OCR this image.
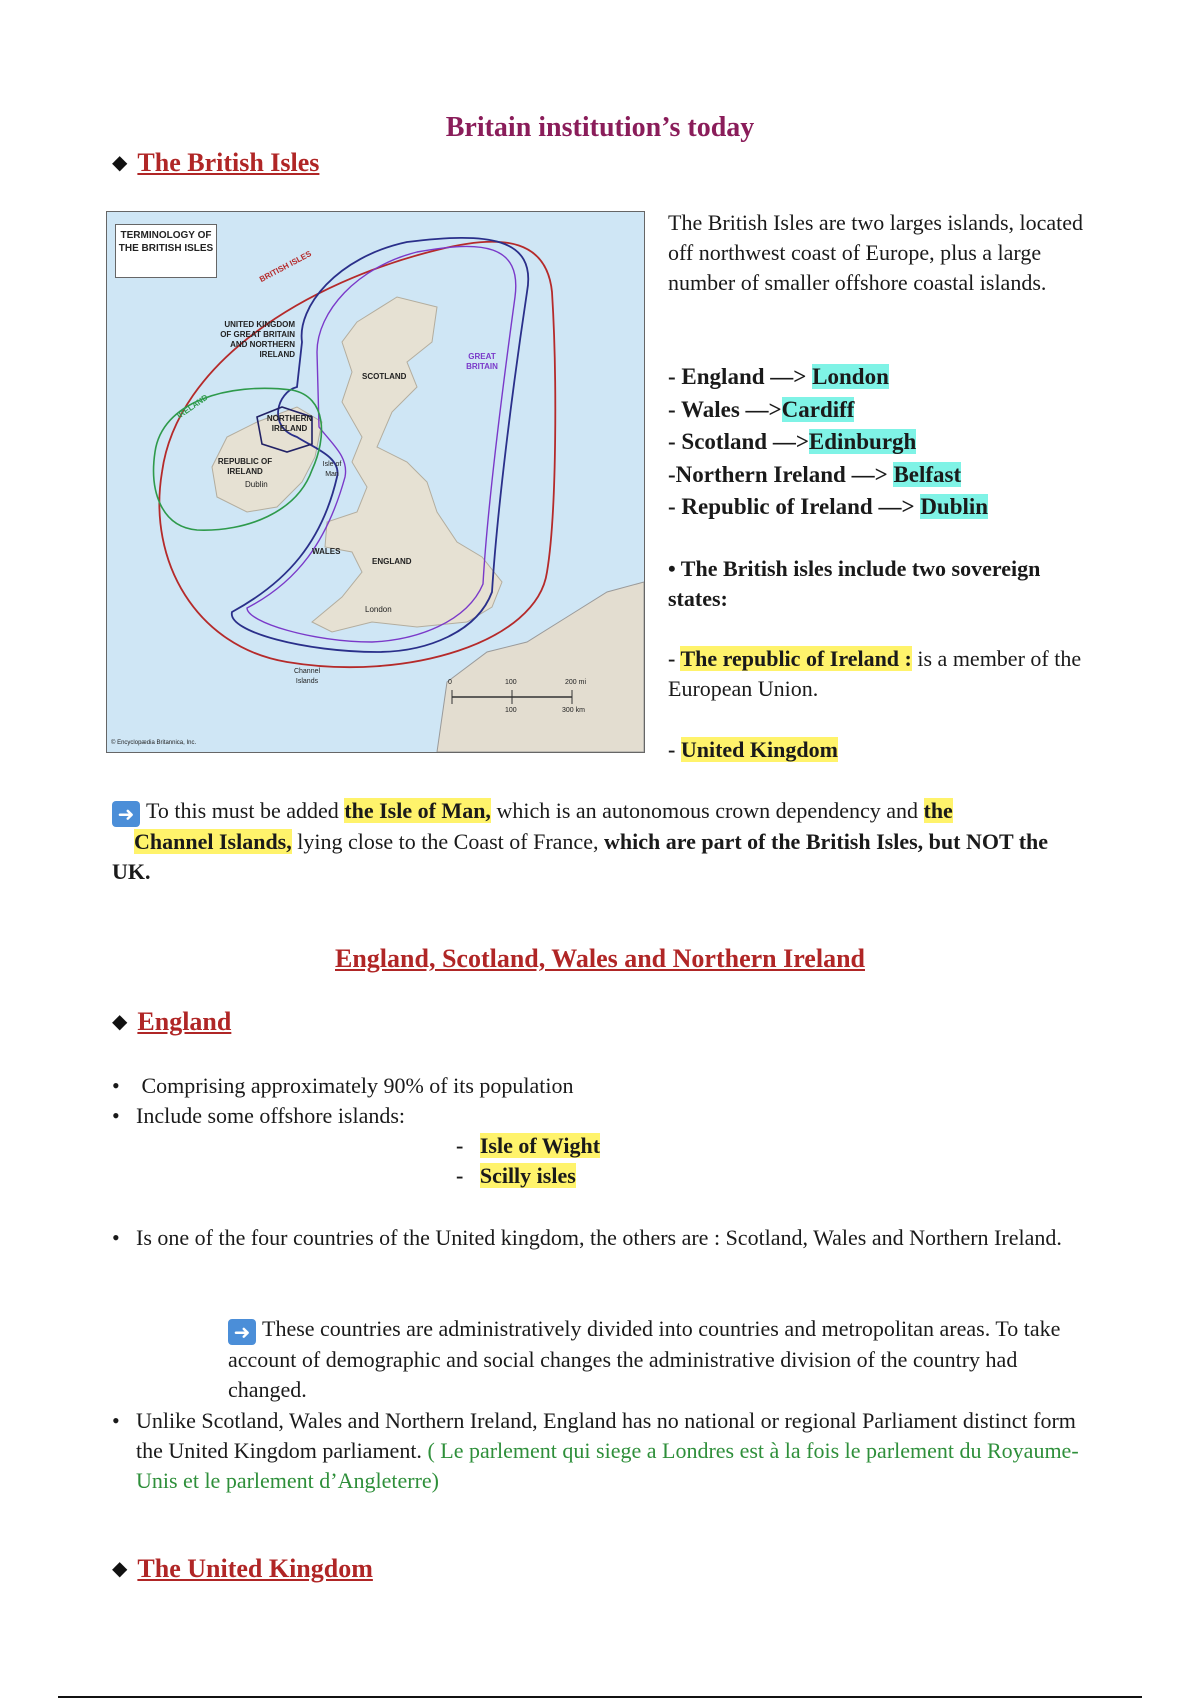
Britain institution’s today
◆ The British Isles
TERMINOLOGY OF THE BRITISH ISLES
BRITISH ISLES
UNITED KINGDOM OF GREAT BRITAIN AND NORTHERN IRELAND	GREAT BRITAIN
IRELAND	NORTHERN IRELAND
REPUBLIC OF IRELAND
Dublin
Isle of Man
SCOTLAND
WALES
ENGLAND
London
Channel Islands	0	100	200 mi
100	300 km
© Encyclopædia Britannica, Inc.
The British Isles are two larges islands, located off northwest coast of Europe, plus a large number of smaller offshore coastal islands.
- England —> London
- Wales —>Cardiff
- Scotland —>Edinburgh
-Northern Ireland —> Belfast
- Republic of Ireland —> Dublin
• The British isles include two sovereign states:
- The republic of Ireland : is a member of the European Union.
- United Kingdom
➜ To this must be added the Isle of Man, which is an autonomous crown dependency and the
Channel Islands, lying close to the Coast of France, which are part of the British Isles, but NOT the UK.
England, Scotland, Wales and Northern Ireland
◆ England
• Comprising approximately 90% of its population
• Include some offshore islands:
-   Isle of Wight
-   Scilly isles
• Is one of the four countries of the United kingdom, the others are : Scotland, Wales and Northern Ireland.
➜ These countries are administratively divided into countries and metropolitan areas. To take account of demographic and social changes the administrative division of the country had changed.
• Unlike Scotland, Wales and Northern Ireland, England has no national or regional Parliament distinct form the United Kingdom parliament. ( Le parlement qui siege a Londres est à la fois le parlement du Royaume-Unis et le parlement d’Angleterre)
◆ The United Kingdom
